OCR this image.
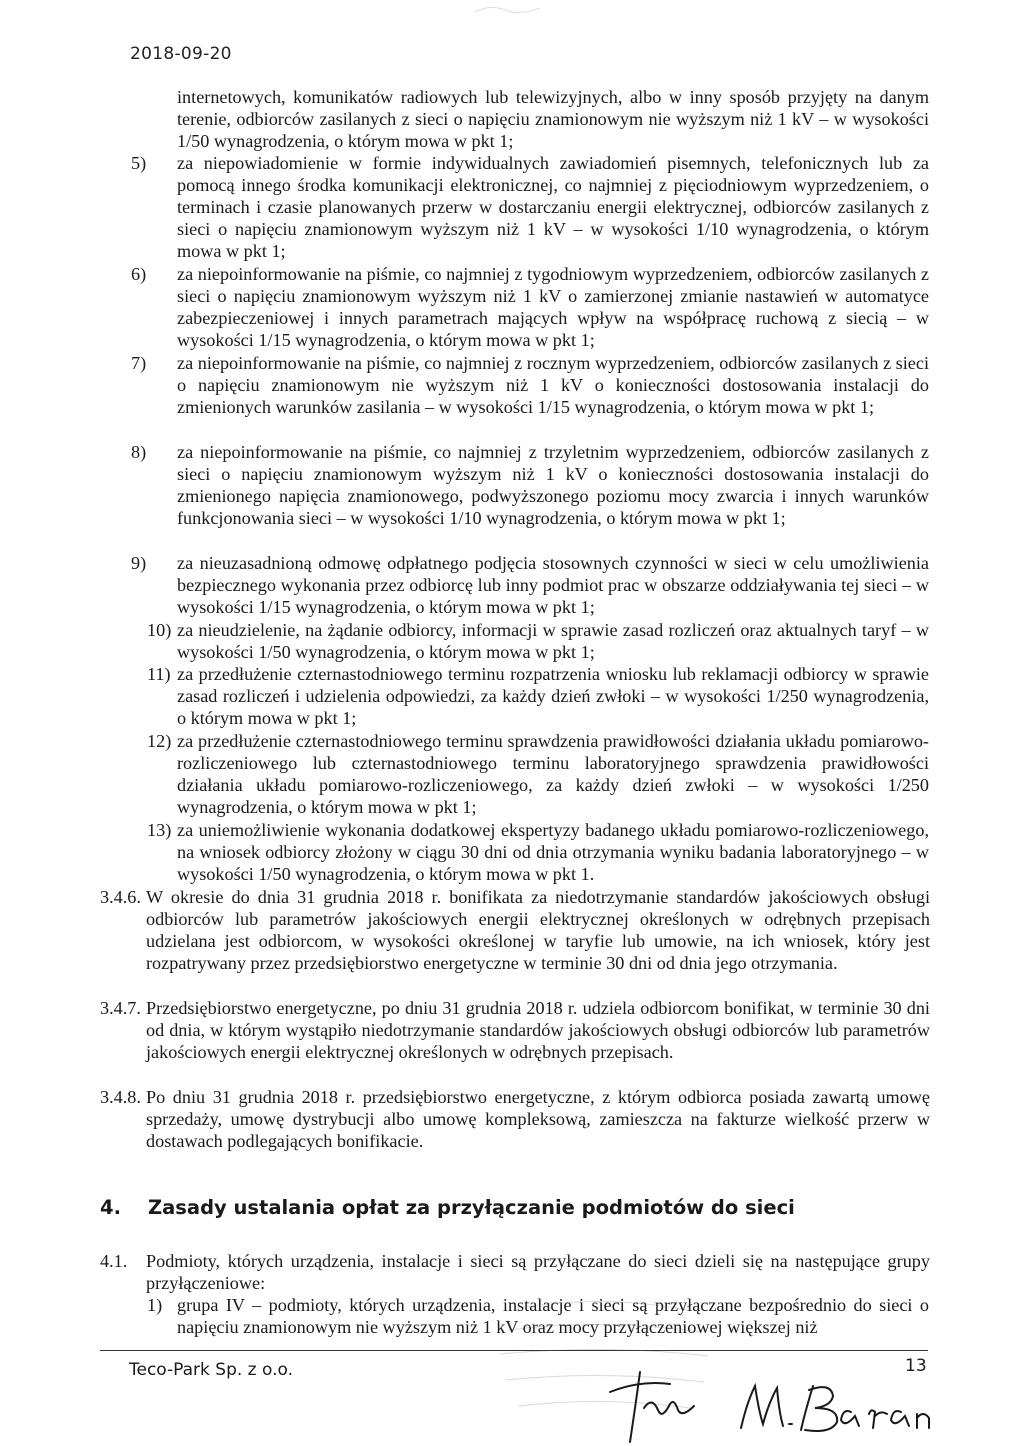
2018-09-20
internetowych, komunikatów radiowych lub telewizyjnych, albo w inny sposób przyjęty na danym terenie, odbiorców zasilanych z sieci o napięciu znamionowym nie wyższym niż 1 kV – w wysokości 1/50 wynagrodzenia, o którym mowa w pkt 1;
5)	za niepowiadomienie w formie indywidualnych zawiadomień pisemnych, telefonicznych lub za pomocą innego środka komunikacji elektronicznej, co najmniej z pięciodniowym wyprzedzeniem, o terminach i czasie planowanych przerw w dostarczaniu energii elektrycznej, odbiorców zasilanych z sieci o napięciu znamionowym wyższym niż 1 kV – w wysokości 1/10 wynagrodzenia, o którym mowa w pkt 1;
6)	za niepoinformowanie na piśmie, co najmniej z tygodniowym wyprzedzeniem, odbiorców zasilanych z sieci o napięciu znamionowym wyższym niż 1 kV o zamierzonej zmianie nastawień w automatyce zabezpieczeniowej i innych parametrach mających wpływ na współpracę ruchową z siecią – w wysokości 1/15 wynagrodzenia, o którym mowa w pkt 1;
7)	za niepoinformowanie na piśmie, co najmniej z rocznym wyprzedzeniem, odbiorców zasilanych z sieci o napięciu znamionowym nie wyższym niż 1 kV o konieczności dostosowania instalacji do zmienionych warunków zasilania – w wysokości 1/15 wynagrodzenia, o którym mowa w pkt 1;
8)	za niepoinformowanie na piśmie, co najmniej z trzyletnim wyprzedzeniem, odbiorców zasilanych z sieci o napięciu znamionowym wyższym niż 1 kV o konieczności dostosowania instalacji do zmienionego napięcia znamionowego, podwyższonego poziomu mocy zwarcia i innych warunków funkcjonowania sieci – w wysokości 1/10 wynagrodzenia, o którym mowa w pkt 1;
9)	za nieuzasadnioną odmowę odpłatnego podjęcia stosownych czynności w sieci w celu umożliwienia bezpiecznego wykonania przez odbiorcę lub inny podmiot prac w obszarze oddziaływania tej sieci – w wysokości 1/15 wynagrodzenia, o którym mowa w pkt 1;
10) za nieudzielenie, na żądanie odbiorcy, informacji w sprawie zasad rozliczeń oraz aktualnych taryf – w wysokości 1/50 wynagrodzenia, o którym mowa w pkt 1;
11) za przedłużenie czternastodniowego terminu rozpatrzenia wniosku lub reklamacji odbiorcy w sprawie zasad rozliczeń i udzielenia odpowiedzi, za każdy dzień zwłoki – w wysokości 1/250 wynagrodzenia, o którym mowa w pkt 1;
12) za przedłużenie czternastodniowego terminu sprawdzenia prawidłowości działania układu pomiarowo-rozliczeniowego lub czternastodniowego terminu laboratoryjnego sprawdzenia prawidłowości działania układu pomiarowo-rozliczeniowego, za każdy dzień zwłoki – w wysokości 1/250 wynagrodzenia, o którym mowa w pkt 1;
13) za uniemożliwienie wykonania dodatkowej ekspertyzy badanego układu pomiarowo-rozliczeniowego, na wniosek odbiorcy złożony w ciągu 30 dni od dnia otrzymania wyniku badania laboratoryjnego – w wysokości 1/50 wynagrodzenia, o którym mowa w pkt 1.
3.4.6. W okresie do dnia 31 grudnia 2018 r. bonifikata za niedotrzymanie standardów jakościowych obsługi odbiorców lub parametrów jakościowych energii elektrycznej określonych w odrębnych przepisach udzielana jest odbiorcom, w wysokości określonej w taryfie lub umowie, na ich wniosek, który jest rozpatrywany przez przedsiębiorstwo energetyczne w terminie 30 dni od dnia jego otrzymania.
3.4.7. Przedsiębiorstwo energetyczne, po dniu 31 grudnia 2018 r. udziela odbiorcom bonifikat, w terminie 30 dni od dnia, w którym wystąpiło niedotrzymanie standardów jakościowych obsługi odbiorców lub parametrów jakościowych energii elektrycznej określonych w odrębnych przepisach.
3.4.8. Po dniu 31 grudnia 2018 r. przedsiębiorstwo energetyczne, z którym odbiorca posiada zawartą umowę sprzedaży, umowę dystrybucji albo umowę kompleksową, zamieszcza na fakturze wielkość przerw w dostawach podlegających bonifikacie.
4. Zasady ustalania opłat za przyłączanie podmiotów do sieci
4.1. Podmioty, których urządzenia, instalacje i sieci są przyłączane do sieci dzieli się na następujące grupy przyłączeniowe:
1) grupa IV – podmioty, których urządzenia, instalacje i sieci są przyłączane bezpośrednio do sieci o napięciu znamionowym nie wyższym niż 1 kV oraz mocy przyłączeniowej większej niż
Teco-Park Sp. z o.o.	13
